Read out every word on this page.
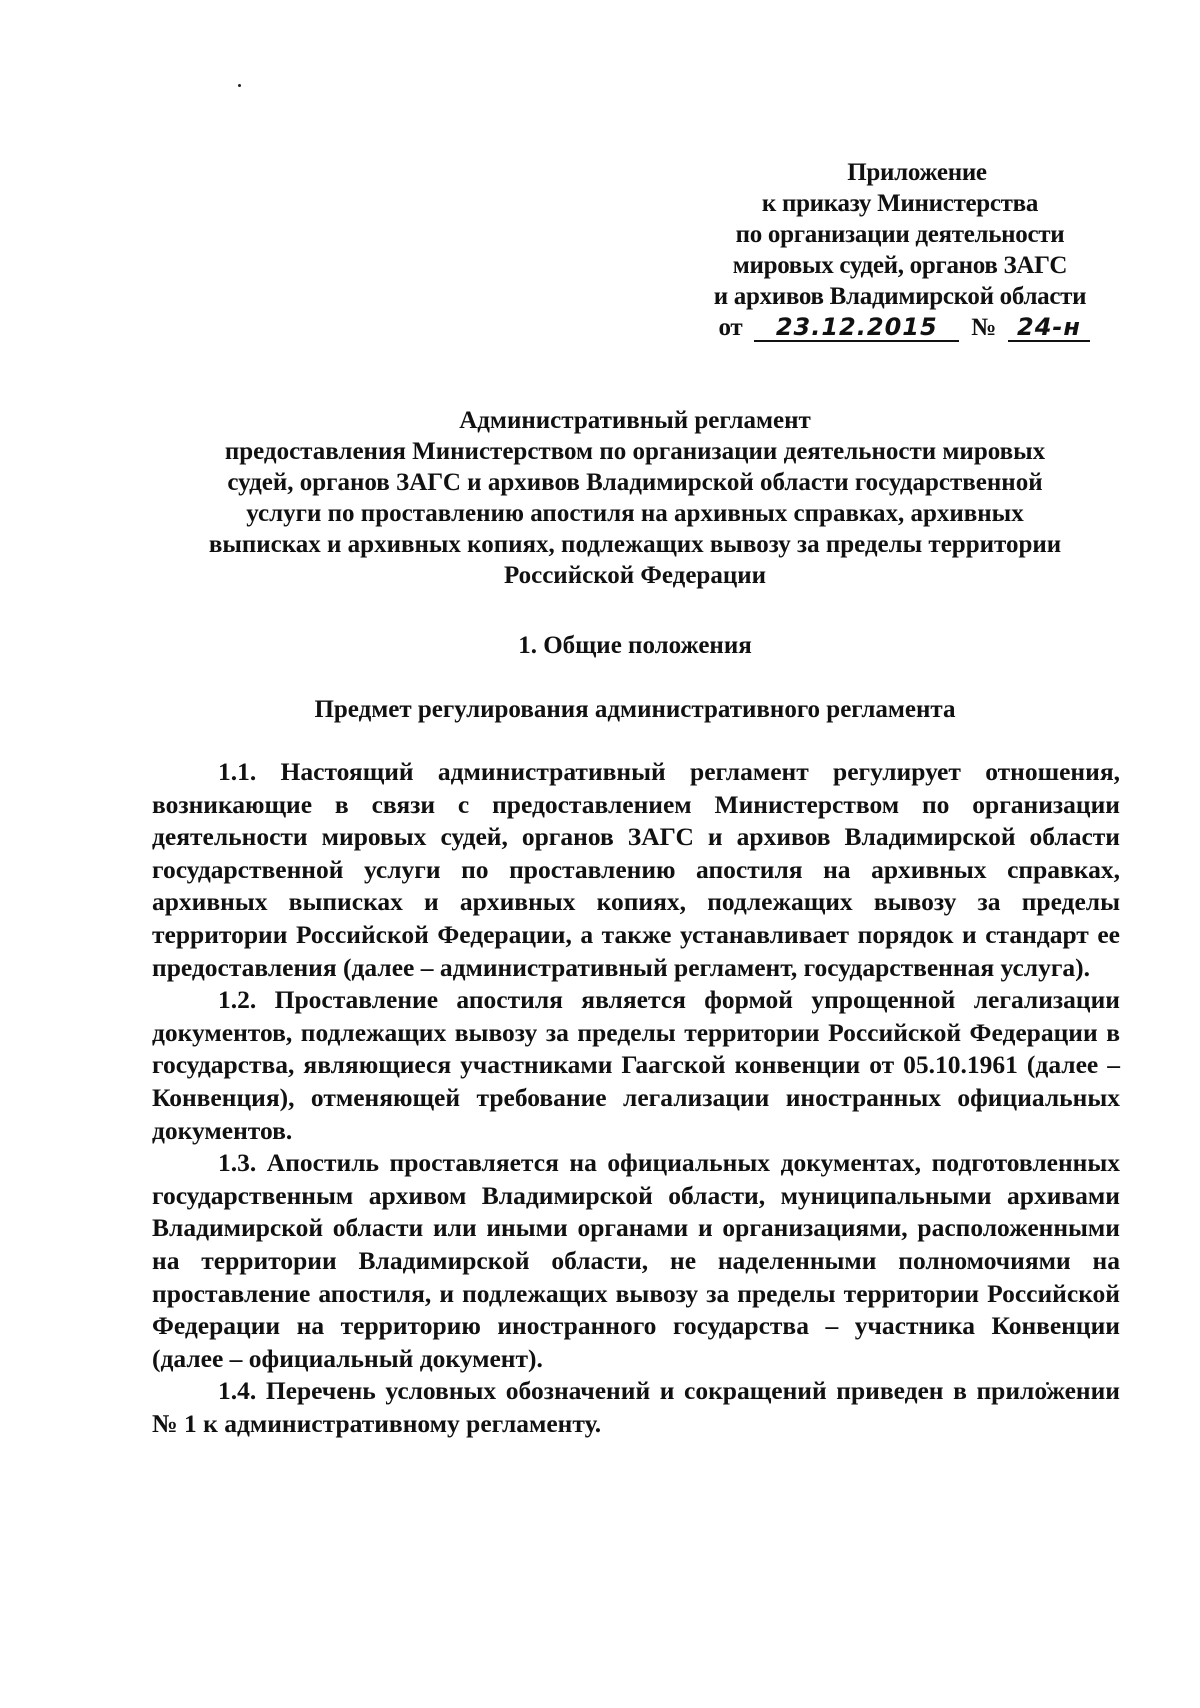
Приложение
к приказу Министерства
по организации деятельности
мировых судей, органов ЗАГС
и архивов Владимирской области
от 23.12.2015 № 24-н
Административный регламент
предоставления Министерством по организации деятельности мировых
судей, органов ЗАГС и архивов Владимирской области государственной
услуги по проставлению апостиля на архивных справках, архивных
выписках и архивных копиях, подлежащих вывозу за пределы территории
Российской Федерации
1. Общие положения
Предмет регулирования административного регламента

1.1. Настоящий административный регламент регулирует отношения, возникающие в связи с предоставлением Министерством по организации деятельности мировых судей, органов ЗАГС и архивов Владимирской области государственной услуги по проставлению апостиля на архивных справках, архивных выписках и архивных копиях, подлежащих вывозу за пределы территории Российской Федерации, а также устанавливает порядок и стандарт ее предоставления (далее – административный регламент, государственная услуга).

1.2. Проставление апостиля является формой упрощенной легализации документов, подлежащих вывозу за пределы территории Российской Федерации в государства, являющиеся участниками Гаагской конвенции от 05.10.1961 (далее – Конвенция), отменяющей требование легализации иностранных официальных документов.

1.3. Апостиль проставляется на официальных документах, подготовленных государственным архивом Владимирской области, муниципальными архивами Владимирской области или иными органами и организациями, расположенными на территории Владимирской области, не наделенными полномочиями на проставление апостиля, и подлежащих вывозу за пределы территории Российской Федерации на территорию иностранного государства – участника Конвенции (далее – официальный документ).

1.4. Перечень условных обозначений и сокращений приведен в приложении № 1 к административному регламенту.
